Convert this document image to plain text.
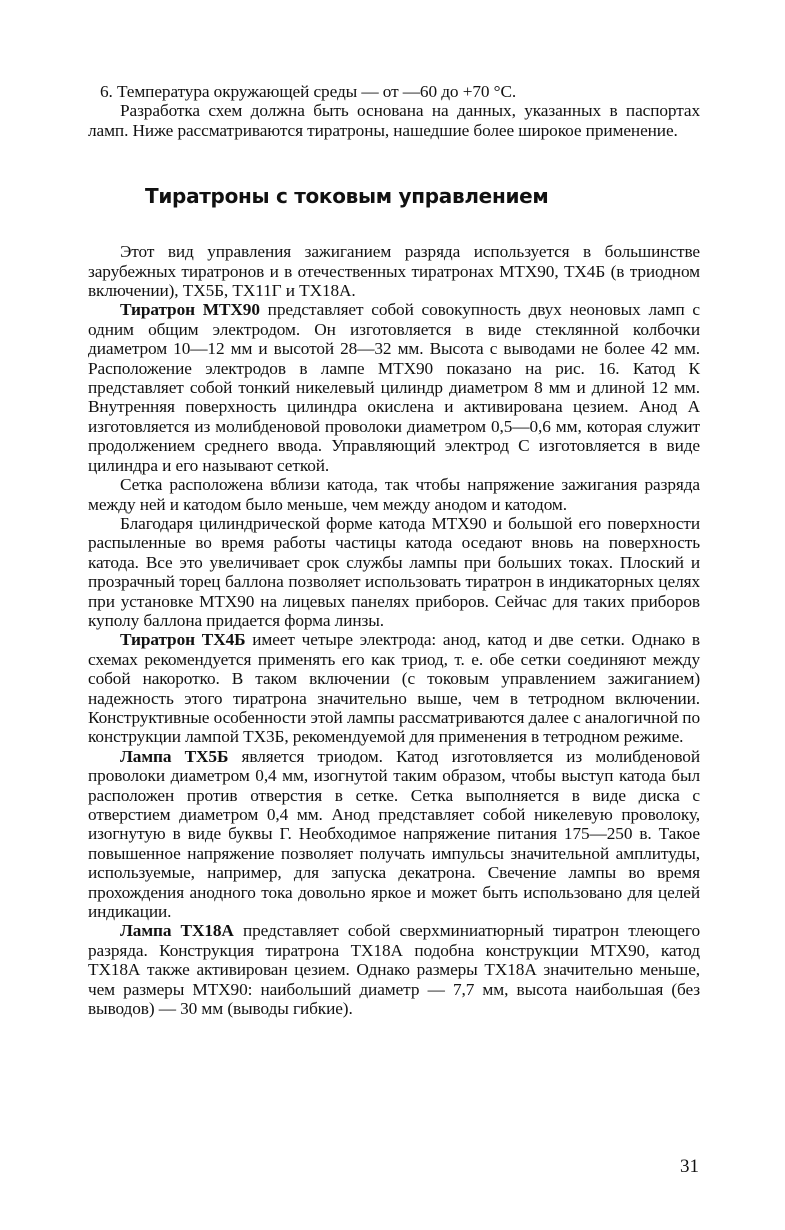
6. Температура окружающей среды — от —60 до +70 °С.

Разработка схем должна быть основана на данных, указанных в паспортах ламп. Ниже рассматриваются тиратроны, нашедшие более широкое применение.

Тиратроны с токовым управлением

Этот вид управления зажиганием разряда используется в большинстве зарубежных тиратронов и в отечественных тиратронах МТХ90, ТХ4Б (в триодном включении), ТХ5Б, ТХ11Г и ТХ18А.

Тиратрон МТХ90 представляет собой совокупность двух неоновых ламп с одним общим электродом. Он изготовляется в виде стеклянной колбочки диаметром 10—12 мм и высотой 28—32 мм. Высота с выводами не более 42 мм. Расположение электродов в лампе МТХ90 показано на рис. 16. Катод К представляет собой тонкий никелевый цилиндр диаметром 8 мм и длиной 12 мм. Внутренняя поверхность цилиндра окислена и активирована цезием. Анод А изготовляется из молибденовой проволоки диаметром 0,5—0,6 мм, которая служит продолжением среднего ввода. Управляющий электрод С изготовляется в виде цилиндра и его называют сеткой.

Сетка расположена вблизи катода, так чтобы напряжение зажигания разряда между ней и катодом было меньше, чем между анодом и катодом.

Благодаря цилиндрической форме катода МТХ90 и большой его поверхности распыленные во время работы частицы катода оседают вновь на поверхность катода. Все это увеличивает срок службы лампы при больших токах. Плоский и прозрачный торец баллона позволяет использовать тиратрон в индикаторных целях при установке МТХ90 на лицевых панелях приборов. Сейчас для таких приборов куполу баллона придается форма линзы.

Тиратрон ТХ4Б имеет четыре электрода: анод, катод и две сетки. Однако в схемах рекомендуется применять его как триод, т. е. обе сетки соединяют между собой накоротко. В таком включении (с токовым управлением зажиганием) надежность этого тиратрона значительно выше, чем в тетродном включении. Конструктивные особенности этой лампы рассматриваются далее с аналогичной по конструкции лампой ТХ3Б, рекомендуемой для применения в тетродном режиме.

Лампа ТХ5Б является триодом. Катод изготовляется из молибденовой проволоки диаметром 0,4 мм, изогнутой таким образом, чтобы выступ катода был расположен против отверстия в сетке. Сетка выполняется в виде диска с отверстием диаметром 0,4 мм. Анод представляет собой никелевую проволоку, изогнутую в виде буквы Г. Необходимое напряжение питания 175—250 в. Такое повышенное напряжение позволяет получать импульсы значительной амплитуды, используемые, например, для запуска декатрона. Свечение лампы во время прохождения анодного тока довольно яркое и может быть использовано для целей индикации.

Лампа ТХ18А представляет собой сверхминиатюрный тиратрон тлеющего разряда. Конструкция тиратрона ТХ18А подобна конструкции МТХ90, катод ТХ18А также активирован цезием. Однако размеры ТХ18А значительно меньше, чем размеры МТХ90: наибольший диаметр — 7,7 мм, высота наибольшая (без выводов) — 30 мм (выводы гибкие).

31
